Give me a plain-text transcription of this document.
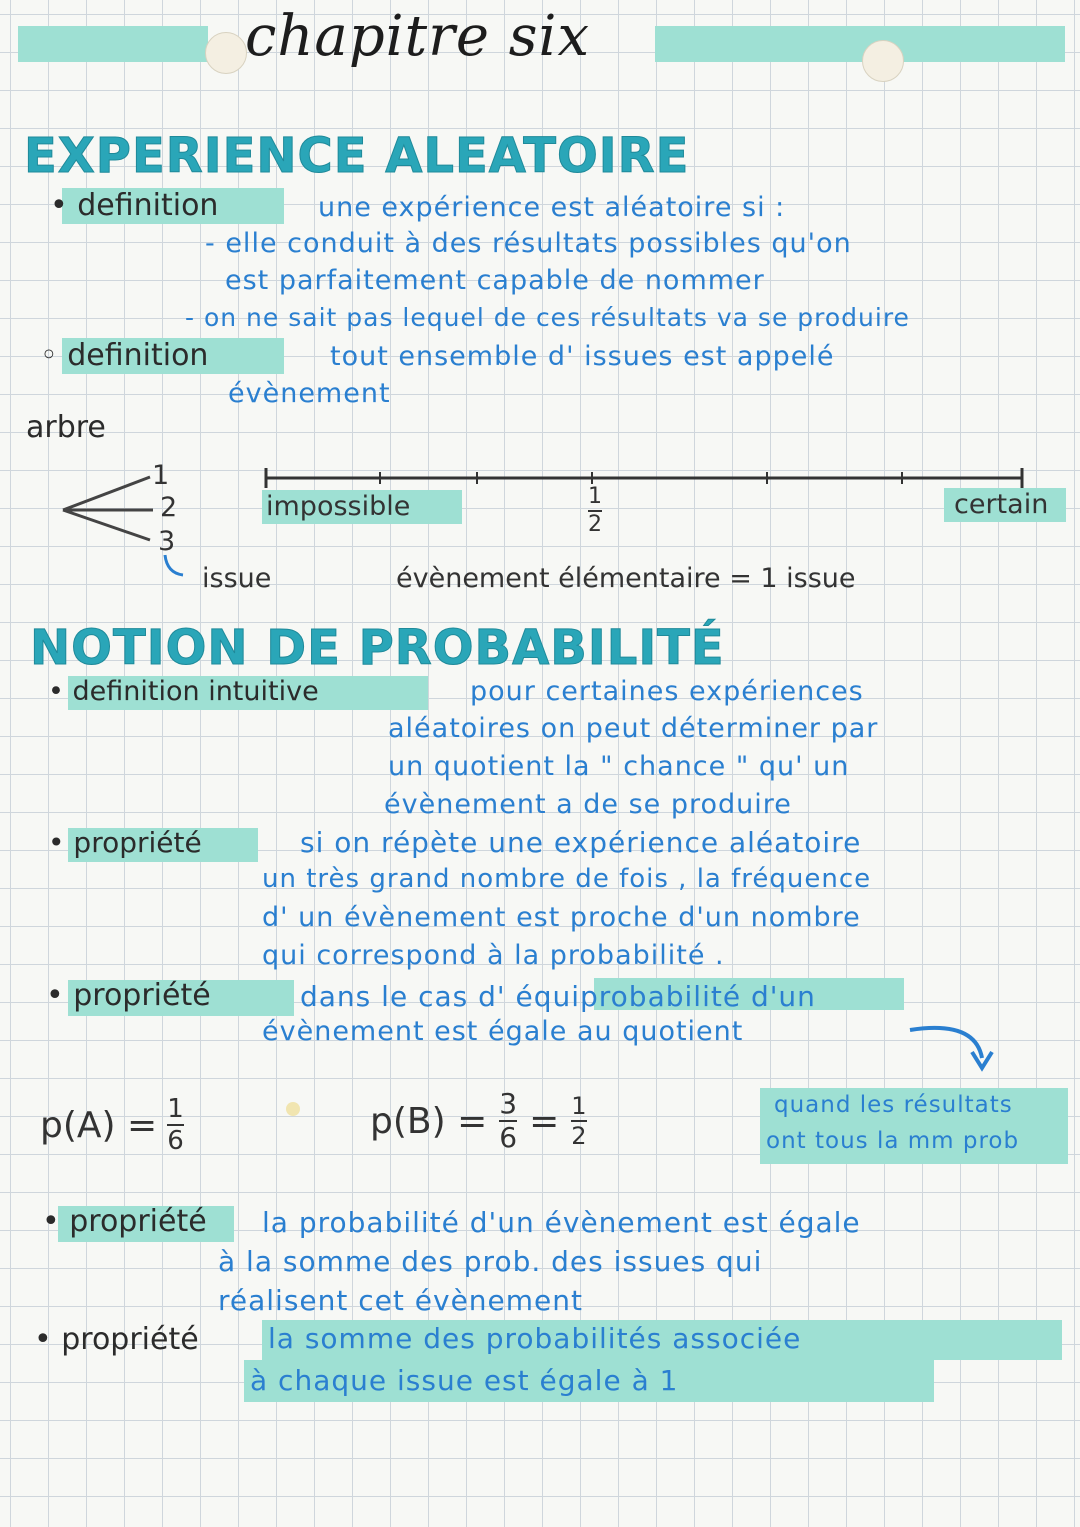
chapitre six
EXPERIENCE ALEATOIRE
• definition	une expérience est aléatoire si :
- elle conduit à des résultats possibles qu'on
est parfaitement capable de nommer
- on ne sait pas lequel de ces résultats va se produire
◦ definition	tout ensemble d' issues est appelé
évènement
arbre
1
2
3
issue
impossible	1
2
certain
évènement élémentaire = 1 issue
NOTION DE PROBABILITÉ
• definition intuitive	pour certaines expériences
aléatoires on peut déterminer par
un quotient la " chance " qu' un
évènement a de se produire
• propriété	si on répète une expérience aléatoire
un très grand nombre de fois , la fréquence
d' un évènement est proche d'un nombre
qui correspond à la probabilité .
• propriété	dans le cas d' équiprobabilité d'un
évènement est égale au quotient
$p(A) = \frac{1}{6}$	$p(B) = \frac{3}{6} = \frac{1}{2}$	quand les résultats
ont tous la mm prob
• propriété la probabilité d'un évènement est égale
à la somme des prob. des issues qui
réalisent cet évènement
• propriété la somme des probabilités associée
à chaque issue est égale à 1
